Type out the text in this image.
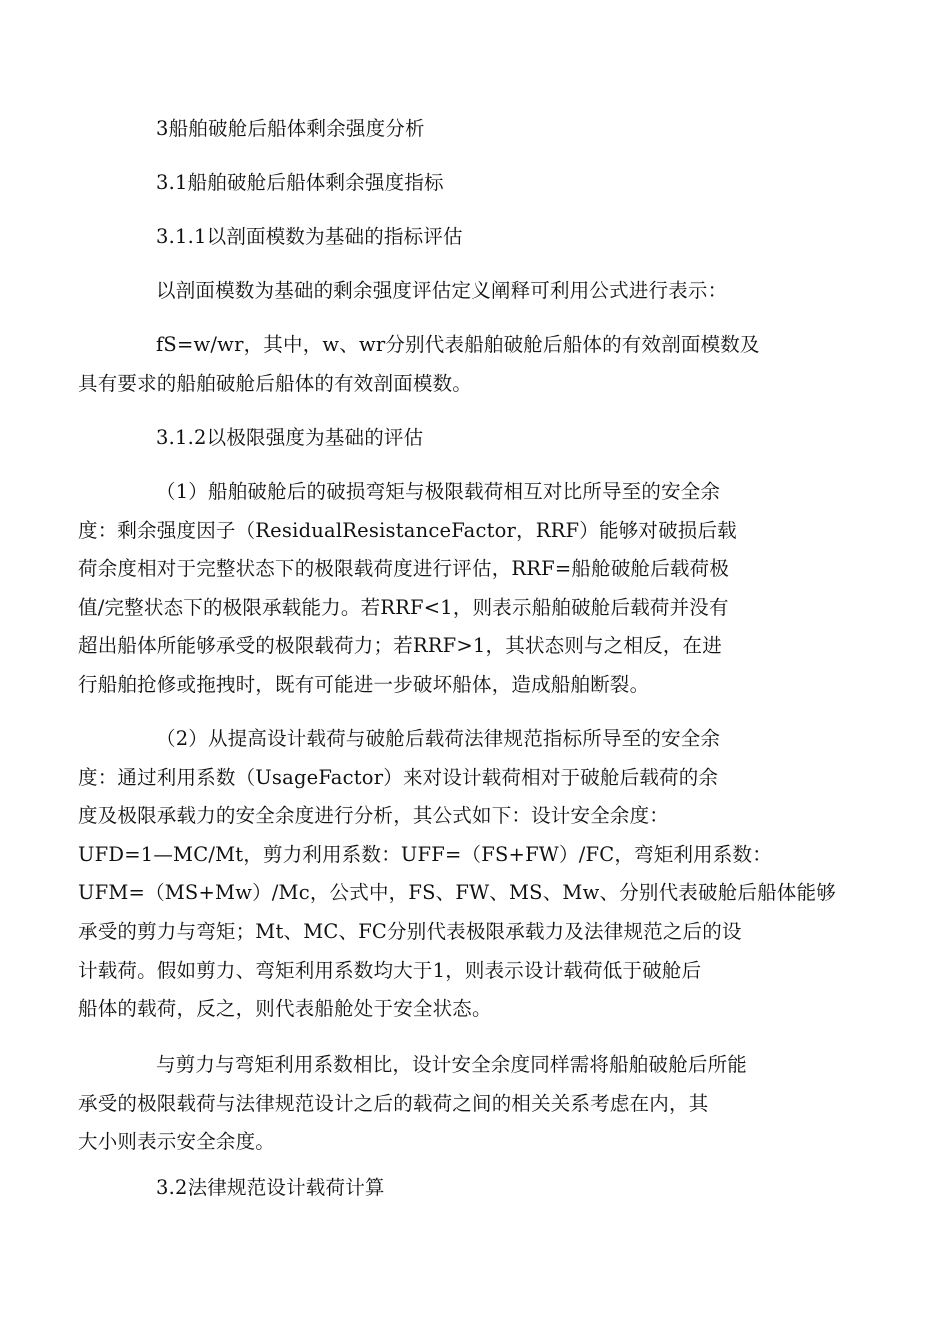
3船舶破舱后船体剩余强度分析

3.1船舶破舱后船体剩余强度指标

3.1.1以剖面模数为基础的指标评估

以剖面模数为基础的剩余强度评估定义阐释可利用公式进行表示：

fS=w/wr，其中，w、wr分别代表船舶破舱后船体的有效剖面模数及
具有要求的船舶破舱后船体的有效剖面模数。

3.1.2以极限强度为基础的评估

（1）船舶破舱后的破损弯矩与极限载荷相互对比所导至的安全余
度：剩余强度因子（ResidualResistanceFactor，RRF）能够对破损后载
荷余度相对于完整状态下的极限载荷度进行评估，RRF=船舱破舱后载荷极
值/完整状态下的极限承载能力。若RRF<1，则表示船舶破舱后载荷并没有
超出船体所能够承受的极限载荷力；若RRF>1，其状态则与之相反，在进
行船舶抢修或拖拽时，既有可能进一步破坏船体，造成船舶断裂。

（2）从提高设计载荷与破舱后载荷法律规范指标所导至的安全余
度：通过利用系数（UsageFactor）来对设计载荷相对于破舱后载荷的余
度及极限承载力的安全余度进行分析，其公式如下：设计安全余度：
UFD=1—MC/Mt，剪力利用系数：UFF=（FS+FW）/FC，弯矩利用系数：
UFM=（MS+Mw）/Mc，公式中，FS、FW、MS、Mw、分别代表破舱后船体能够
承受的剪力与弯矩；Mt、MC、FC分别代表极限承载力及法律规范之后的设
计载荷。假如剪力、弯矩利用系数均大于1，则表示设计载荷低于破舱后
船体的载荷，反之，则代表船舱处于安全状态。

与剪力与弯矩利用系数相比，设计安全余度同样需将船舶破舱后所能
承受的极限载荷与法律规范设计之后的载荷之间的相关关系考虑在内，其
大小则表示安全余度。

3.2法律规范设计载荷计算
